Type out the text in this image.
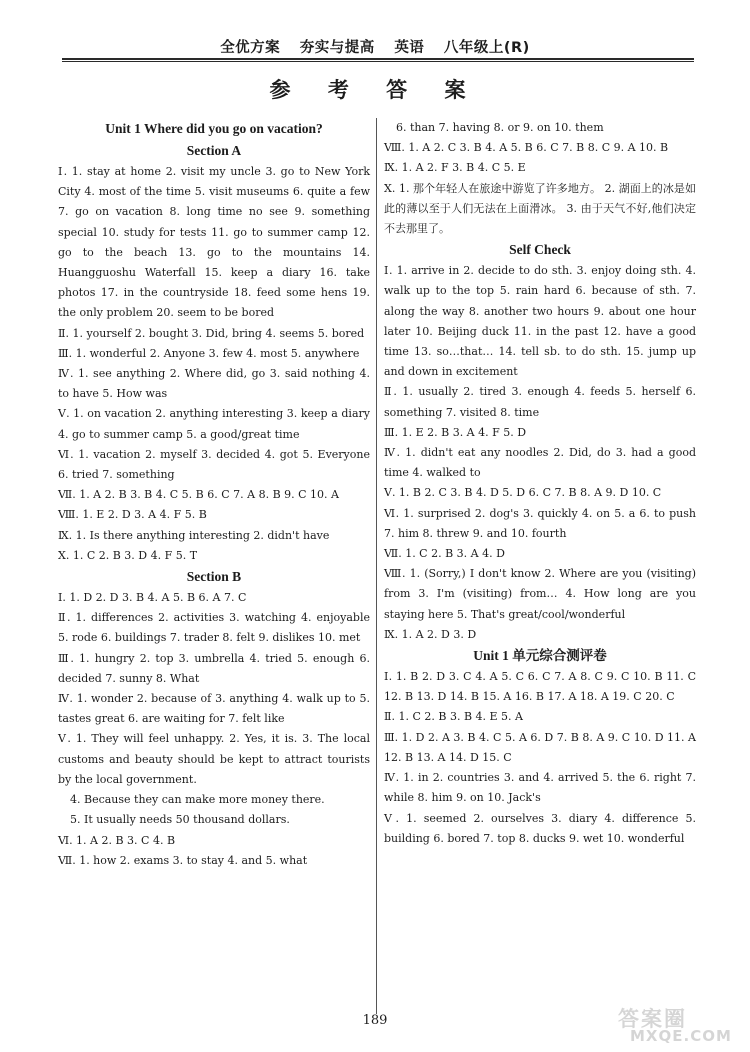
全优方案 夯实与提高 英语 八年级上(R)
参 考 答 案
Unit 1 Where did you go on vacation?
Section A
Ⅰ. 1. stay at home 2. visit my uncle 3. go to New York City 4. most of the time 5. visit museums 6. quite a few 7. go on vacation 8. long time no see 9. something special 10. study for tests 11. go to summer camp 12. go to the beach 13. go to the mountains 14. Huangguoshu Waterfall 15. keep a diary 16. take photos 17. in the countryside 18. feed some hens 19. the only problem 20. seem to be bored
Ⅱ. 1. yourself 2. bought 3. Did, bring 4. seems 5. bored
Ⅲ. 1. wonderful 2. Anyone 3. few 4. most 5. anywhere
Ⅳ. 1. see anything 2. Where did, go 3. said nothing 4. to have 5. How was
Ⅴ. 1. on vacation 2. anything interesting 3. keep a diary 4. go to summer camp 5. a good/great time
Ⅵ. 1. vacation 2. myself 3. decided 4. got 5. Everyone 6. tried 7. something
Ⅶ. 1. A 2. B 3. B 4. C 5. B 6. C 7. A 8. B 9. C 10. A
Ⅷ. 1. E 2. D 3. A 4. F 5. B
Ⅸ. 1. Is there anything interesting 2. didn't have
Ⅹ. 1. C 2. B 3. D 4. F 5. T
Section B
Ⅰ. 1. D 2. D 3. B 4. A 5. B 6. A 7. C
Ⅱ. 1. differences 2. activities 3. watching 4. enjoyable 5. rode 6. buildings 7. trader 8. felt 9. dislikes 10. met
Ⅲ. 1. hungry 2. top 3. umbrella 4. tried 5. enough 6. decided 7. sunny 8. What
Ⅳ. 1. wonder 2. because of 3. anything 4. walk up to 5. tastes great 6. are waiting for 7. felt like
Ⅴ. 1. They will feel unhappy. 2. Yes, it is. 3. The local customs and beauty should be kept to attract tourists by the local government.
4. Because they can make more money there.
5. It usually needs 50 thousand dollars.
Ⅵ. 1. A 2. B 3. C 4. B
Ⅶ. 1. how 2. exams 3. to stay 4. and 5. what
6. than 7. having 8. or 9. on 10. them
Ⅷ. 1. A 2. C 3. B 4. A 5. B 6. C 7. B 8. C 9. A 10. B
Ⅸ. 1. A 2. F 3. B 4. C 5. E
Ⅹ. 1. 那个年轻人在旅途中游览了许多地方。 2. 湖面上的冰是如此的薄以至于人们无法在上面滑冰。 3. 由于天气不好,他们决定不去那里了。
Self Check
Ⅰ. 1. arrive in 2. decide to do sth. 3. enjoy doing sth. 4. walk up to the top 5. rain hard 6. because of sth. 7. along the way 8. another two hours 9. about one hour later 10. Beijing duck 11. in the past 12. have a good time 13. so…that… 14. tell sb. to do sth. 15. jump up and down in excitement
Ⅱ. 1. usually 2. tired 3. enough 4. feeds 5. herself 6. something 7. visited 8. time
Ⅲ. 1. E 2. B 3. A 4. F 5. D
Ⅳ. 1. didn't eat any noodles 2. Did, do 3. had a good time 4. walked to
Ⅴ. 1. B 2. C 3. B 4. D 5. D 6. C 7. B 8. A 9. D 10. C
Ⅵ. 1. surprised 2. dog's 3. quickly 4. on 5. a 6. to push 7. him 8. threw 9. and 10. fourth
Ⅶ. 1. C 2. B 3. A 4. D
Ⅷ. 1. (Sorry,) I don't know 2. Where are you (visiting) from 3. I'm (visiting) from… 4. How long are you staying here 5. That's great/cool/wonderful
Ⅸ. 1. A 2. D 3. D
Unit 1 单元综合测评卷
Ⅰ. 1. B 2. D 3. C 4. A 5. C 6. C 7. A 8. C 9. C 10. B 11. C 12. B 13. D 14. B 15. A 16. B 17. A 18. A 19. C 20. C
Ⅱ. 1. C 2. B 3. B 4. E 5. A
Ⅲ. 1. D 2. A 3. B 4. C 5. A 6. D 7. B 8. A 9. C 10. D 11. A 12. B 13. A 14. D 15. C
Ⅳ. 1. in 2. countries 3. and 4. arrived 5. the 6. right 7. while 8. him 9. on 10. Jack's
Ⅴ. 1. seemed 2. ourselves 3. diary 4. difference 5. building 6. bored 7. top 8. ducks 9. wet 10. wonderful
189	答案圈
MXQE.COM
